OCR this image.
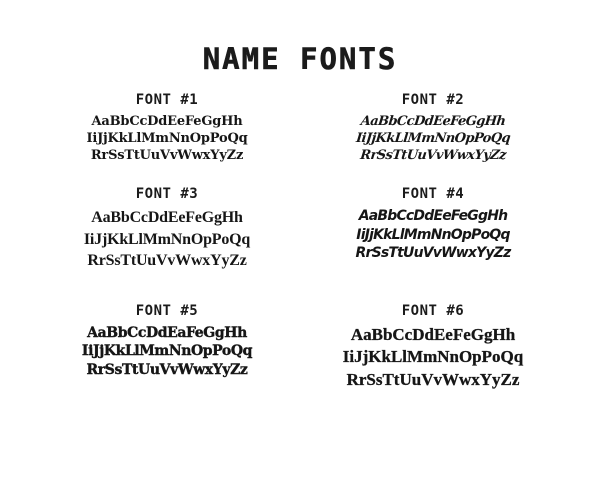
NAME FONTS
FONT #1
AaBbCcDdEeFeGgHh
IiJjKkLlMmNnOpPoQq
RrSsTtUuVvWwxYyZz
FONT #2
AaBbCcDdEeFeGgHh
IiJjKkLlMmNnOpPoQq
RrSsTtUuVvWwxYyZz
FONT #3
AaBbCcDdEeFeGgHh
IiJjKkLlMmNnOpPoQq
RrSsTtUuVvWwxYyZz
FONT #4
AaBbCcDdEeFeGgHh
IiJjKkLlMmNnOpPoQq
RrSsTtUuVvWwxYyZz
FONT #5
AaBbCcDdEaFeGgHh
IiJjKkLlMmNnOpPoQq
RrSsTtUuVvWwxYyZz
FONT #6
AaBbCcDdEeFeGgHh
IiJjKkLlMmNnOpPoQq
RrSsTtUuVvWwxYyZz
